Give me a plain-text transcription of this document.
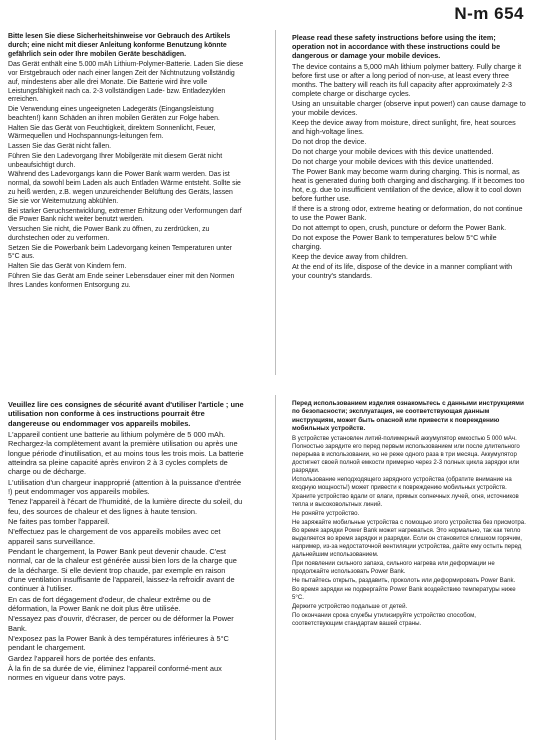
N-m 654

Bitte lesen Sie diese Sicherheitshinweise vor Gebrauch des Artikels durch; eine nicht mit dieser Anleitung konforme Benutzung könnte gefährlich sein oder Ihre mobilen Geräte beschädigen.

Das Gerät enthält eine 5.000 mAh Lithium-Polymer-Batterie. Laden Sie diese vor Erstgebrauch oder nach einer langen Zeit der Nichtnutzung vollständig auf, mindestens aber alle drei Monate. Die Batterie wird ihre volle Leistungsfähigkeit nach ca. 2-3 vollständigen Lade- bzw. Entladezyklen erreichen.

Die Verwendung eines ungeeigneten Ladegeräts (Eingangsleistung beachten!) kann Schäden an ihren mobilen Geräten zur Folge haben.

Halten Sie das Gerät von Feuchtigkeit, direktem Sonnenlicht, Feuer, Wärmequellen und Hochspannungs-leitungen fern.

Lassen Sie das Gerät nicht fallen.

Führen Sie den Ladevorgang Ihrer Mobilgeräte mit diesem Gerät nicht unbeaufsichtigt durch.

Während des Ladevorgangs kann die Power Bank warm werden. Das ist normal, da sowohl beim Laden als auch Entladen Wärme entsteht. Sollte sie zu heiß werden, z.B. wegen unzureichender Belüftung des Geräts, lassen Sie sie vor Weiternutzung abkühlen.

Bei starker Geruchsentwicklung, extremer Erhitzung oder Verformungen darf die Power Bank nicht weiter benutzt werden.

Versuchen Sie nicht, die Power Bank zu öffnen, zu zerdrücken, zu durchstechen oder zu verformen.

Setzen Sie die Powerbank beim Ladevorgang keinen Temperaturen unter 5°C aus.

Halten Sie das Gerät von Kindern fern.

Führen Sie das Gerät am Ende seiner Lebensdauer einer mit den Normen Ihres Landes konformen Entsorgung zu.

Please read these safety instructions before using the item; operation not in accordance with these instructions could be dangerous or damage your mobile devices.

The device contains a 5,000 mAh lithium polymer battery. Fully charge it before first use or after a long period of non-use, at least every three months. The battery will reach its full capacity after approximately 2-3 complete charge or discharge cycles.

Using an unsuitable charger (observe input power!) can cause damage to your mobile devices.

Keep the device away from moisture, direct sunlight, fire, heat sources and high-voltage lines.

Do not drop the device.

Do not charge your mobile devices with this device unattended.

Do not charge your mobile devices with this device unattended.

The Power Bank may become warm during charging. This is normal, as heat is generated during both charging and discharging. If it becomes too hot, e.g. due to insufficient ventilation of the device, allow it to cool down before further use.

If there is a strong odor, extreme heating or deformation, do not continue to use the Power Bank.

Do not attempt to open, crush, puncture or deform the Power Bank.

Do not expose the Power Bank to temperatures below 5°C while charging.

Keep the device away from children.

At the end of its life, dispose of the device in a manner compliant with your country's standards.

Veuillez lire ces consignes de sécurité avant d'utiliser l'article ; une utilisation non conforme à ces instructions pourrait être dangereuse ou endommager vos appareils mobiles.

L'appareil contient une batterie au lithium polymère de 5 000 mAh. Rechargez-la complètement avant la première utilisation ou après une longue période d'inutilisation, et au moins tous les trois mois. La batterie atteindra sa pleine capacité après environ 2 à 3 cycles complets de charge ou de décharge.

L'utilisation d'un chargeur inapproprié (attention à la puissance d'entrée !) peut endommager vos appareils mobiles.

Tenez l'appareil à l'écart de l'humidité, de la lumière directe du soleil, du feu, des sources de chaleur et des lignes à haute tension.

Ne faites pas tomber l'appareil.

N'effectuez pas le chargement de vos appareils mobiles avec cet appareil sans surveillance.

Pendant le chargement, la Power Bank peut devenir chaude. C'est normal, car de la chaleur est générée aussi bien lors de la charge que de la décharge. Si elle devient trop chaude, par exemple en raison d'une ventilation insuffisante de l'appareil, laissez-la refroidir avant de continuer à l'utiliser.

En cas de fort dégagement d'odeur, de chaleur extrême ou de déformation, la Power Bank ne doit plus être utilisée.

N'essayez pas d'ouvrir, d'écraser, de percer ou de déformer la Power Bank.

N'exposez pas la Power Bank à des températures inférieures à 5°C pendant le chargement.

Gardez l'appareil hors de portée des enfants.

À la fin de sa durée de vie, éliminez l'appareil conformé-ment aux normes en vigueur dans votre pays.

Перед использованием изделия ознакомьтесь с данными инструкциями по безопасности; эксплуатация, не соответствующая данным инструкциям, может быть опасной или привести к повреждению мобильных устройств.

В устройстве установлен литий-полимерный аккумулятор емкостью 5 000 мАч. Полностью зарядите его перед первым использованием или после длительного перерыва в использовании, но не реже одного раза в три месяца. Аккумулятор достигнет своей полной емкости примерно через 2-3 полных цикла зарядки или разрядки.

Использование неподходящего зарядного устройства (обратите внимание на входную мощность!) может привести к повреждению мобильных устройств.

Храните устройство вдали от влаги, прямых солнечных лучей, огня, источников тепла и высоковольтных линий.

Не роняйте устройство.

Не заряжайте мобильные устройства с помощью этого устройства без присмотра.

Во время зарядки Power Bank может нагреваться. Это нормально, так как тепло выделяется во время зарядки и разрядки. Если он становится слишком горячим, например, из-за недостаточной вентиляции устройства, дайте ему остыть перед дальнейшим использованием.

При появлении сильного запаха, сильного нагрева или деформации не продолжайте использовать Power Bank.

Не пытайтесь открыть, раздавить, проколоть или деформировать Power Bank.

Во время зарядки не подвергайте Power Bank воздействию температуры ниже 5°C.

Держите устройство подальше от детей.

По окончании срока службы утилизируйте устройство способом, соответствующим стандартам вашей страны.
